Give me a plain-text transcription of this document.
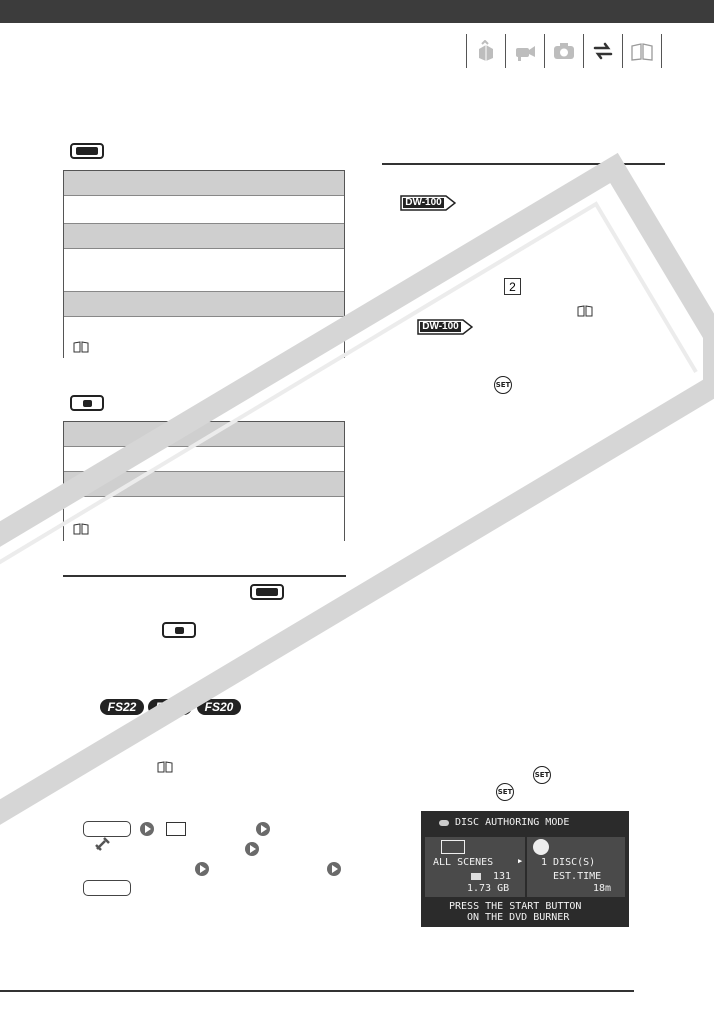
FS22	FS21	FS20
DW-100
2
DW-100
SET
SET
SET
DISC AUTHORING MODE
▶
ALL SCENES	1 DISC(S)
131
1.73 GB
EST.TIME
18m
PRESS THE START BUTTON
ON THE DVD BURNER
